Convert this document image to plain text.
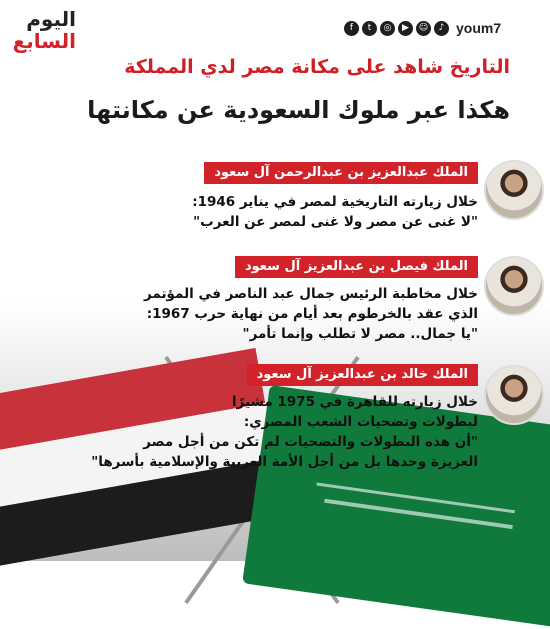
اليوم
السابع
f	t	◎	▶	☺	♪ youm7
التاريخ شاهد على مكانة مصر لدي المملكة
هكذا عبر ملوك السعودية عن مكانتها
الملك عبدالعزيز بن عبدالرحمن آل سعود
خلال زيارته التاريخية لمصر في يناير 1946:
"لا غنى عن مصر ولا غنى لمصر عن العرب"
الملك فيصل بن عبدالعزيز آل سعود
خلال مخاطبة الرئيس جمال عبد الناصر في المؤتمر
الذي عقد بالخرطوم بعد أيام من نهاية حرب 1967:
"يا جمال.. مصر لا تطلب وإنما تأمر"
الملك خالد بن عبدالعزيز آل سعود
خلال زيارته للقاهرة في 1975 مشيرًا
لبطولات وتضحيات الشعب المصري:
"أن هذه البطولات والتضحيات لم تكن من أجل مصر
العزيزة وحدها بل من أجل الأمة العربية والإسلامية بأسرها"
